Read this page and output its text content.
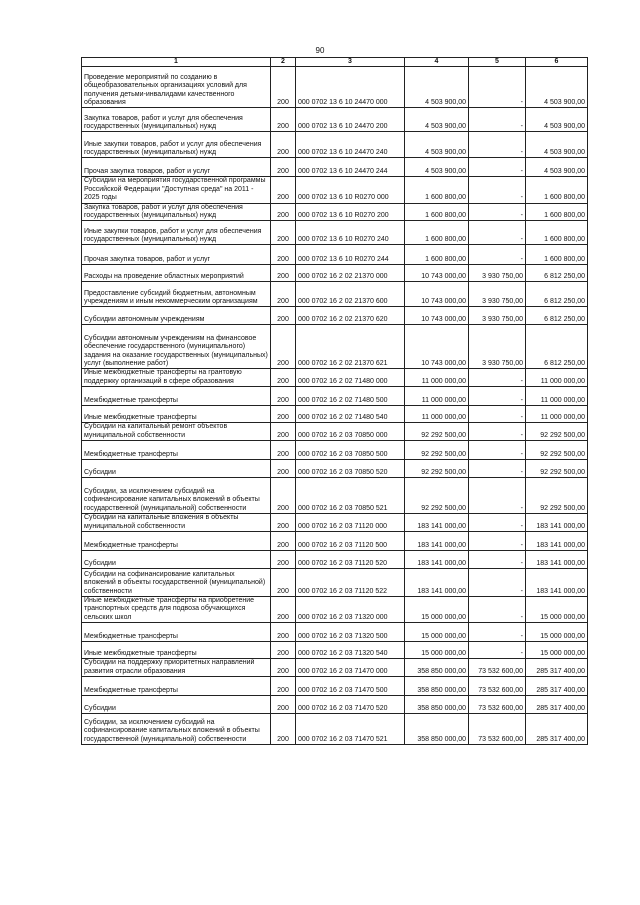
90
1	2	3	4	5	6
Проведение мероприятий по созданию в общеобразовательных организациях условий для получения детьми-инвалидами качественного образования	200	000 0702 13 6 10 24470 000	4 503 900,00	-	4 503 900,00
Закупка товаров, работ и услуг для обеспечения государственных (муниципальных) нужд	200	000 0702 13 6 10 24470 200	4 503 900,00	-	4 503 900,00
Иные закупки товаров, работ и услуг для обеспечения государственных (муниципальных) нужд	200	000 0702 13 6 10 24470 240	4 503 900,00	-	4 503 900,00
Прочая закупка товаров, работ и услуг	200	000 0702 13 6 10 24470 244	4 503 900,00	-	4 503 900,00
Субсидии на мероприятия государственной программы Российской Федерации "Доступная среда" на 2011 - 2025 годы	200	000 0702 13 6 10 R0270 000	1 600 800,00	-	1 600 800,00
Закупка товаров, работ и услуг для обеспечения государственных (муниципальных) нужд	200	000 0702 13 6 10 R0270 200	1 600 800,00	-	1 600 800,00
Иные закупки товаров, работ и услуг для обеспечения государственных (муниципальных) нужд	200	000 0702 13 6 10 R0270 240	1 600 800,00	-	1 600 800,00
Прочая закупка товаров, работ и услуг	200	000 0702 13 6 10 R0270 244	1 600 800,00	-	1 600 800,00
Расходы на проведение областных мероприятий	200	000 0702 16 2 02 21370 000	10 743 000,00	3 930 750,00	6 812 250,00
Предоставление субсидий бюджетным, автономным учреждениям и иным некоммерческим организациям	200	000 0702 16 2 02 21370 600	10 743 000,00	3 930 750,00	6 812 250,00
Субсидии автономным учреждениям	200	000 0702 16 2 02 21370 620	10 743 000,00	3 930 750,00	6 812 250,00
Субсидии автономным учреждениям на финансовое обеспечение государственного (муниципального) задания на оказание государственных (муниципальных) услуг (выполнение работ)	200	000 0702 16 2 02 21370 621	10 743 000,00	3 930 750,00	6 812 250,00
Иные межбюджетные трансферты на грантовую поддержку организаций в сфере образования	200	000 0702 16 2 02 71480 000	11 000 000,00	-	11 000 000,00
Межбюджетные трансферты	200	000 0702 16 2 02 71480 500	11 000 000,00	-	11 000 000,00
Иные межбюджетные трансферты	200	000 0702 16 2 02 71480 540	11 000 000,00	-	11 000 000,00
Субсидии на капитальный ремонт объектов муниципальной собственности	200	000 0702 16 2 03 70850 000	92 292 500,00	-	92 292 500,00
Межбюджетные трансферты	200	000 0702 16 2 03 70850 500	92 292 500,00	-	92 292 500,00
Субсидии	200	000 0702 16 2 03 70850 520	92 292 500,00	-	92 292 500,00
Субсидии, за исключением субсидий на софинансирование капитальных вложений в объекты государственной (муниципальной) собственности	200	000 0702 16 2 03 70850 521	92 292 500,00	-	92 292 500,00
Субсидии на капитальные вложения в объекты муниципальной собственности	200	000 0702 16 2 03 71120 000	183 141 000,00	-	183 141 000,00
Межбюджетные трансферты	200	000 0702 16 2 03 71120 500	183 141 000,00	-	183 141 000,00
Субсидии	200	000 0702 16 2 03 71120 520	183 141 000,00	-	183 141 000,00
Субсидии на софинансирование капитальных вложений в объекты государственной (муниципальной) собственности	200	000 0702 16 2 03 71120 522	183 141 000,00	-	183 141 000,00
Иные межбюджетные трансферты на приобретение транспортных средств для подвоза обучающихся сельских школ	200	000 0702 16 2 03 71320 000	15 000 000,00	-	15 000 000,00
Межбюджетные трансферты	200	000 0702 16 2 03 71320 500	15 000 000,00	-	15 000 000,00
Иные межбюджетные трансферты	200	000 0702 16 2 03 71320 540	15 000 000,00	-	15 000 000,00
Субсидии на поддержку приоритетных направлений развития отрасли образования	200	000 0702 16 2 03 71470 000	358 850 000,00	73 532 600,00	285 317 400,00
Межбюджетные трансферты	200	000 0702 16 2 03 71470 500	358 850 000,00	73 532 600,00	285 317 400,00
Субсидии	200	000 0702 16 2 03 71470 520	358 850 000,00	73 532 600,00	285 317 400,00
Субсидии, за исключением субсидий на софинансирование капитальных вложений в объекты государственной (муниципальной) собственности	200	000 0702 16 2 03 71470 521	358 850 000,00	73 532 600,00	285 317 400,00
